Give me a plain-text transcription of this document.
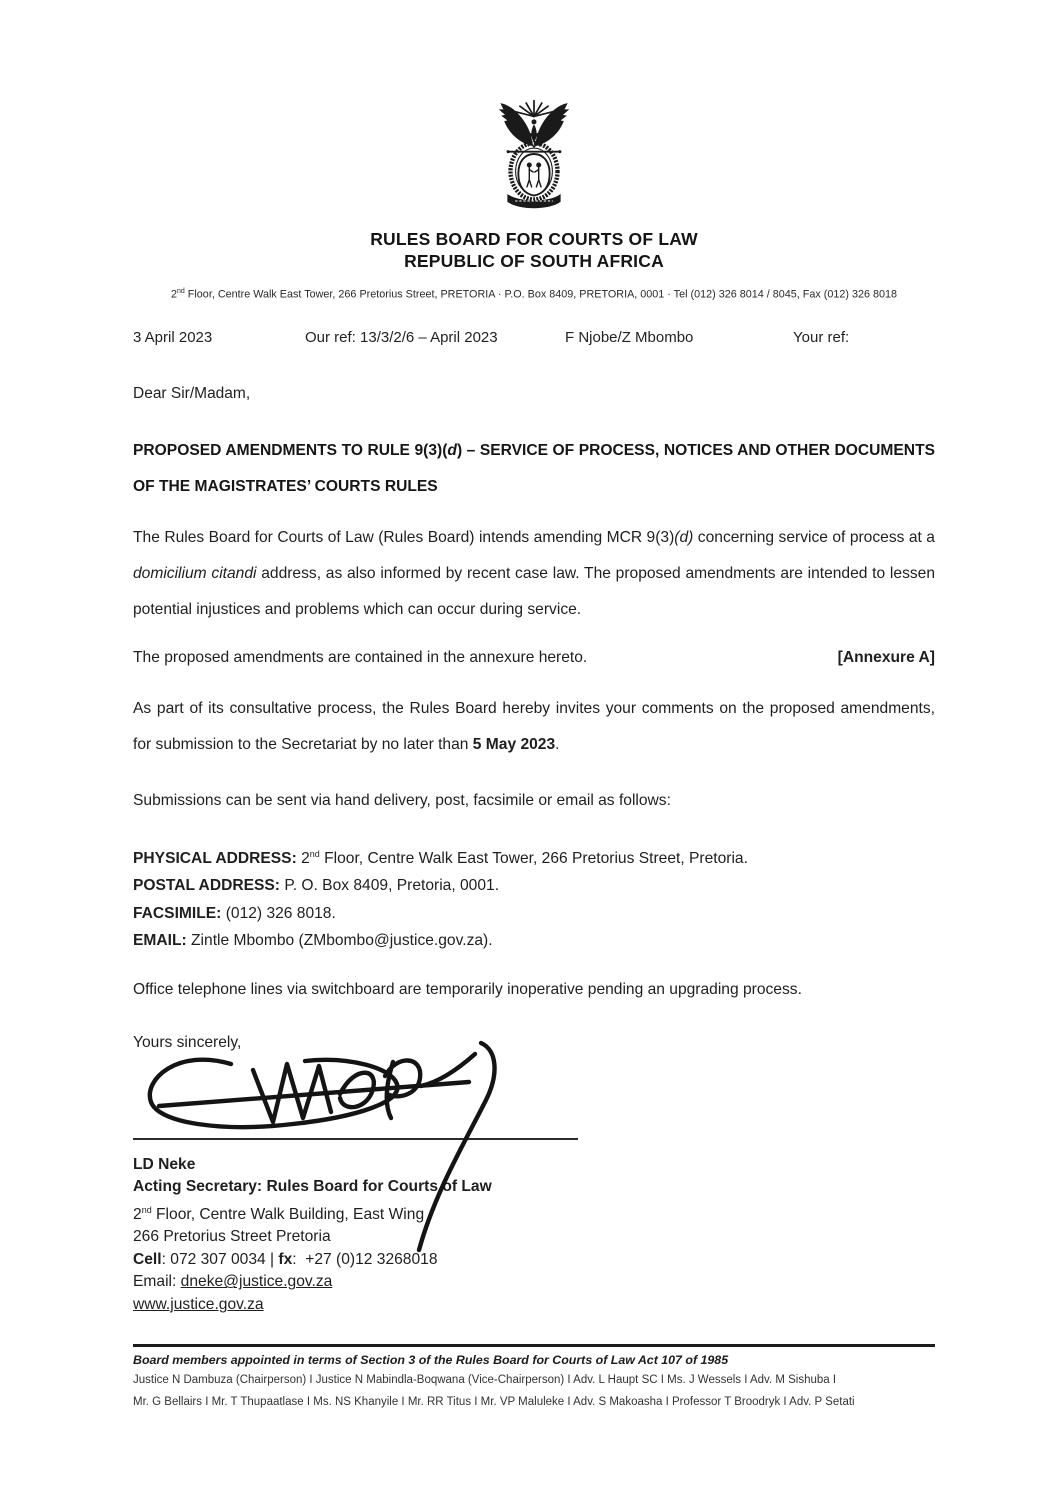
RULES BOARD FOR COURTS OF LAW
REPUBLIC OF SOUTH AFRICA
2nd Floor, Centre Walk East Tower, 266 Pretorius Street, PRETORIA · P.O. Box 8409, PRETORIA, 0001 · Tel (012) 326 8014 / 8045, Fax (012) 326 8018
3 April 2023	Our ref: 13/3/2/6 – April 2023	F Njobe/Z Mbombo	Your ref:
Dear Sir/Madam,
PROPOSED AMENDMENTS TO RULE 9(3)(d) – SERVICE OF PROCESS, NOTICES AND OTHER DOCUMENTS OF THE MAGISTRATES’ COURTS RULES
The Rules Board for Courts of Law (Rules Board) intends amending MCR 9(3)(d) concerning service of process at a domicilium citandi address, as also informed by recent case law. The proposed amendments are intended to lessen potential injustices and problems which can occur during service.
The proposed amendments are contained in the annexure hereto.	[Annexure A]
As part of its consultative process, the Rules Board hereby invites your comments on the proposed amendments, for submission to the Secretariat by no later than 5 May 2023.
Submissions can be sent via hand delivery, post, facsimile or email as follows:
PHYSICAL ADDRESS: 2nd Floor, Centre Walk East Tower, 266 Pretorius Street, Pretoria.
POSTAL ADDRESS: P. O. Box 8409, Pretoria, 0001.
FACSIMILE: (012) 326 8018.
EMAIL: Zintle Mbombo (ZMbombo@justice.gov.za).
Office telephone lines via switchboard are temporarily inoperative pending an upgrading process.
Yours sincerely,
LD Neke
Acting Secretary: Rules Board for Courts of Law
2nd Floor, Centre Walk Building, East Wing
266 Pretorius Street Pretoria
Cell: 072 307 0034 | fx:  +27 (0)12 3268018
Email: dneke@justice.gov.za
www.justice.gov.za
Board members appointed in terms of Section 3 of the Rules Board for Courts of Law Act 107 of 1985
Justice N Dambuza (Chairperson) I Justice N Mabindla-Boqwana (Vice-Chairperson) I Adv. L Haupt SC I Ms. J Wessels I Adv. M Sishuba I
Mr. G Bellairs I Mr. T Thupaatlase I Ms. NS Khanyile I Mr. RR Titus I Mr. VP Maluleke I Adv. S Makoasha I Professor T Broodryk I Adv. P Setati
